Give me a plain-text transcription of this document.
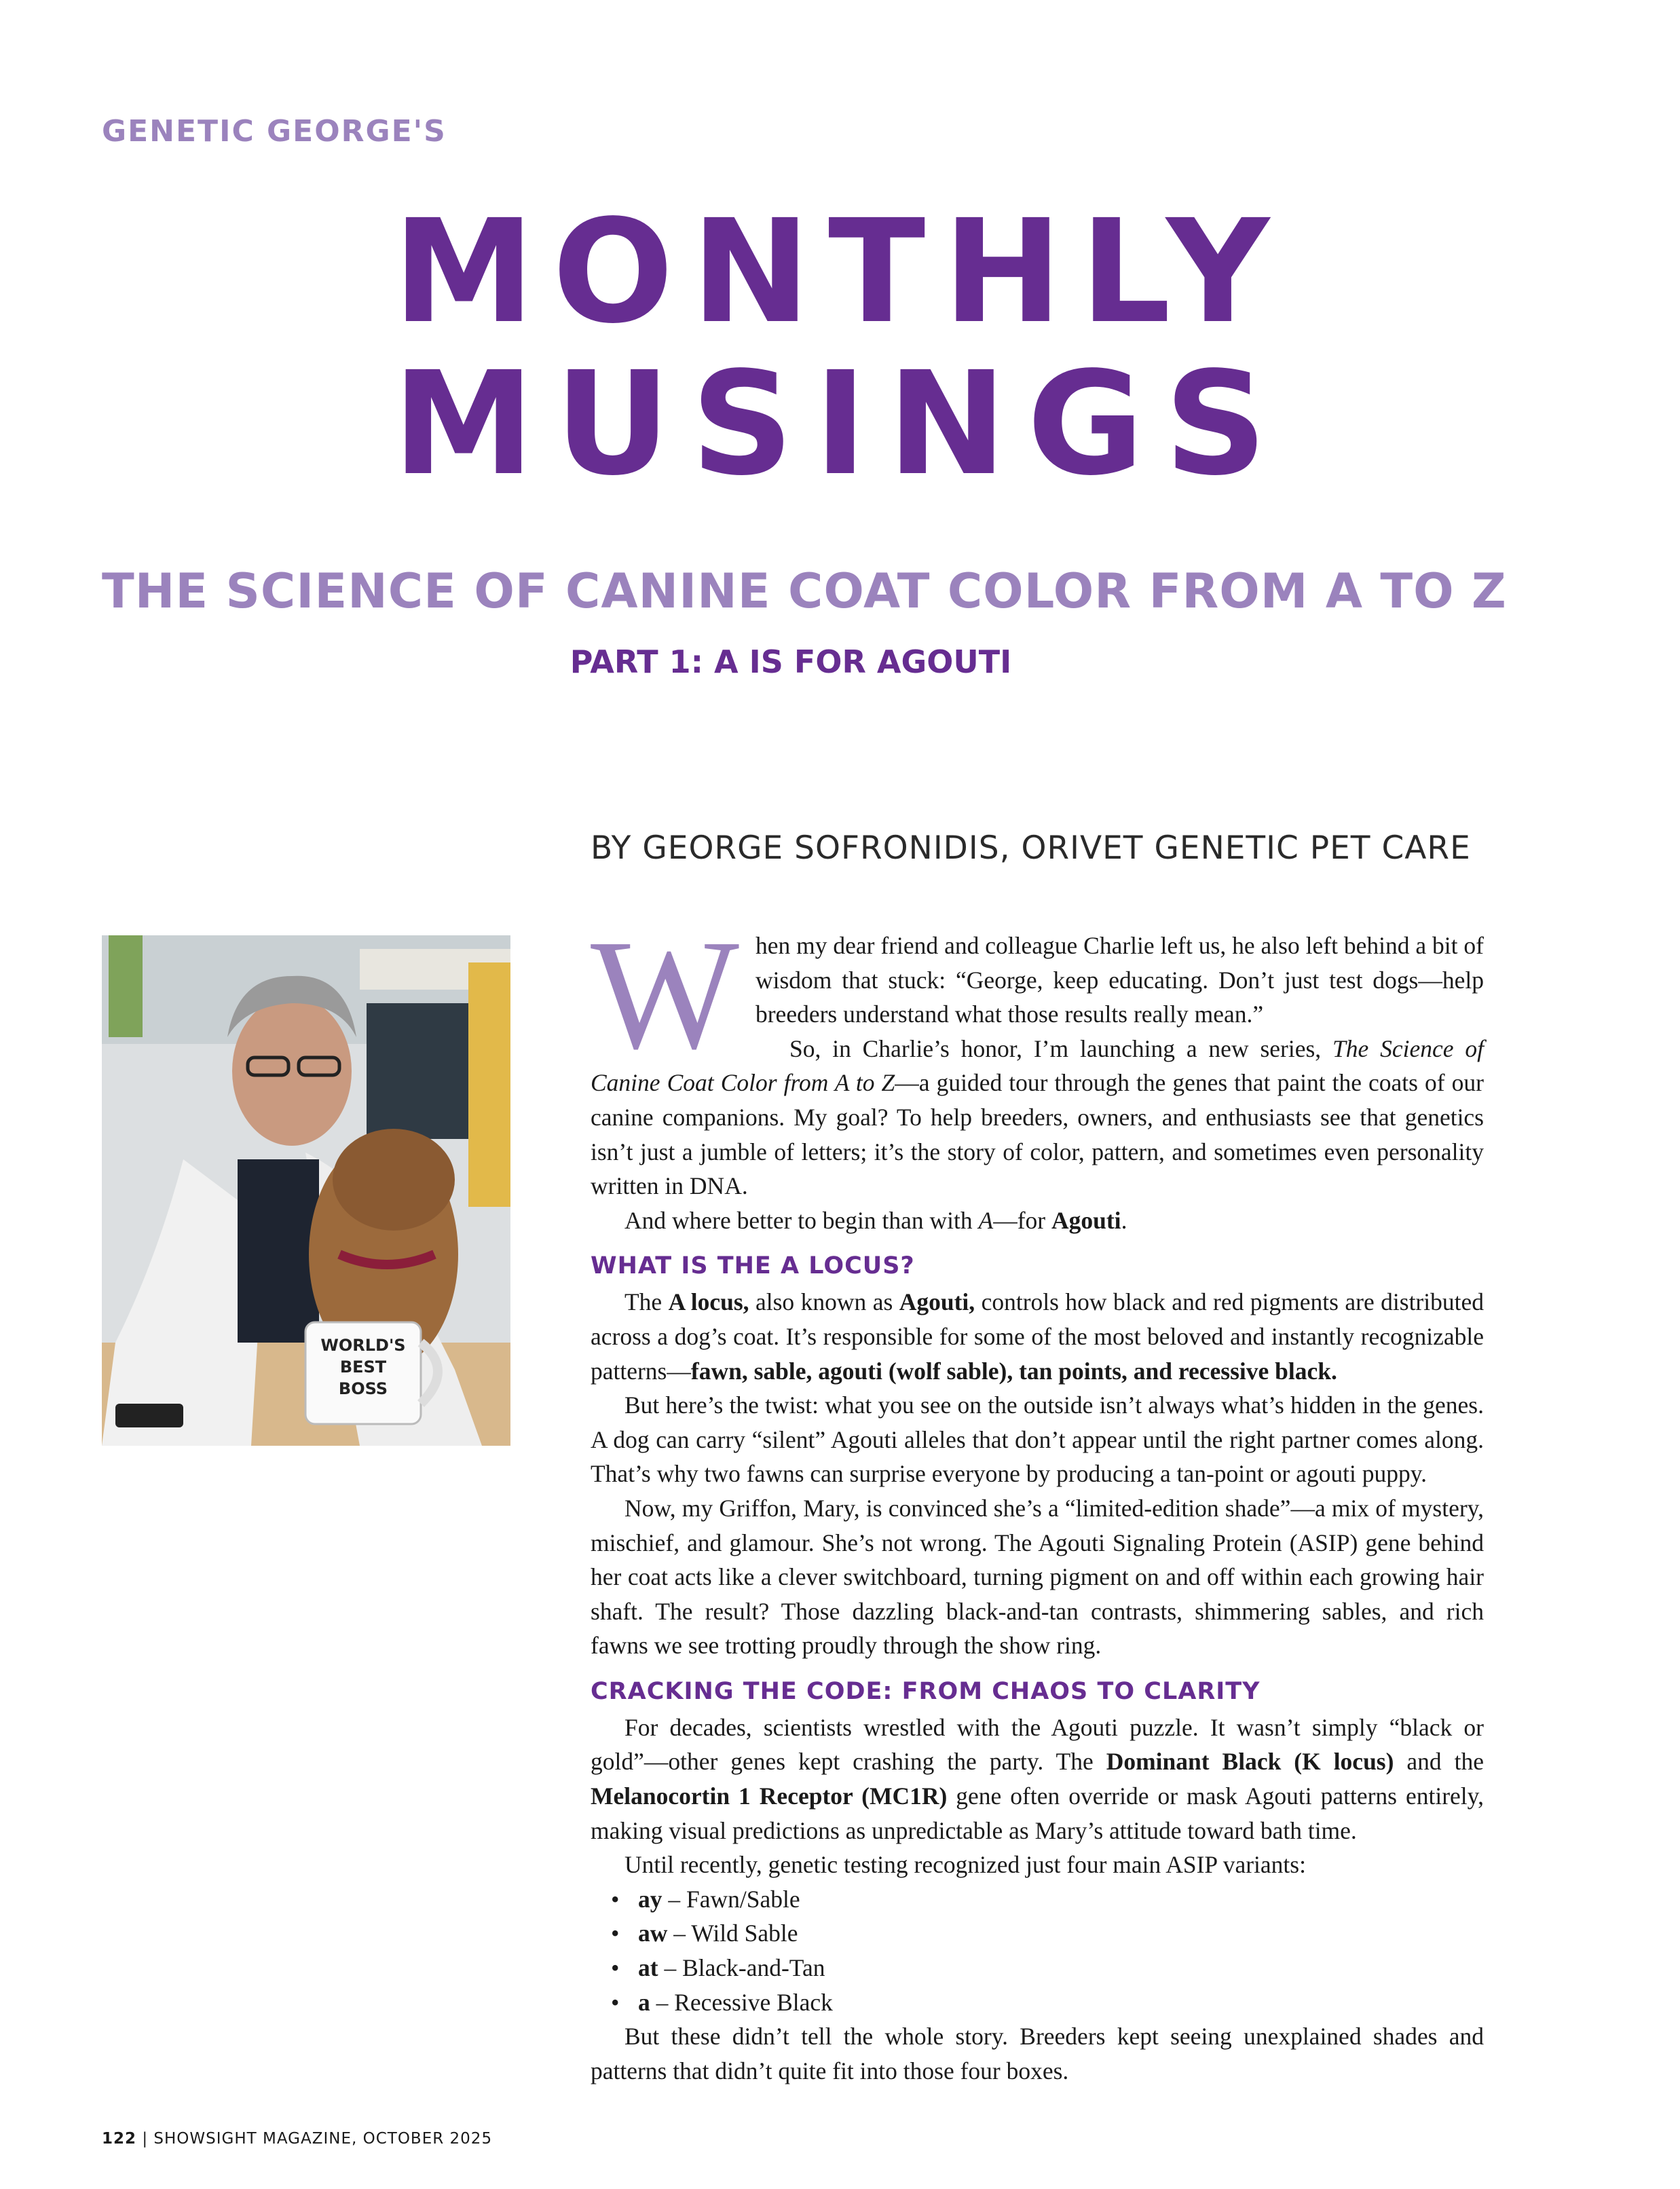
GENETIC GEORGE'S
MONTHLY
MUSINGS
THE SCIENCE OF CANINE COAT COLOR FROM A TO Z
PART 1: A IS FOR AGOUTI
BY GEORGE SOFRONIDIS, ORIVET GENETIC PET CARE
WORLD'S
BEST
BOSS

When my dear friend and colleague Charlie left us, he also left behind a bit of wisdom that stuck: “George, keep educating. Don’t just test dogs—help breeders understand what those results really mean.”

So, in Charlie’s honor, I’m launching a new series, The Science of Canine Coat Color from A to Z—a guided tour through the genes that paint the coats of our canine companions. My goal? To help breeders, owners, and enthusiasts see that genetics isn’t just a jumble of letters; it’s the story of color, pattern, and sometimes even personality written in DNA.

And where better to begin than with A—for Agouti.

WHAT IS THE A LOCUS?

The A locus, also known as Agouti, controls how black and red pigments are distributed across a dog’s coat. It’s responsible for some of the most beloved and instantly recognizable patterns—fawn, sable, agouti (wolf sable), tan points, and recessive black.

But here’s the twist: what you see on the outside isn’t always what’s hidden in the genes. A dog can carry “silent” Agouti alleles that don’t appear until the right partner comes along. That’s why two fawns can surprise everyone by producing a tan-point or agouti puppy.

Now, my Griffon, Mary, is convinced she’s a “limited-edition shade”—a mix of mystery, mischief, and glamour. She’s not wrong. The Agouti Signaling Protein (ASIP) gene behind her coat acts like a clever switchboard, turning pigment on and off within each growing hair shaft. The result? Those dazzling black-and-tan contrasts, shimmering sables, and rich fawns we see trotting proudly through the show ring.

CRACKING THE CODE: FROM CHAOS TO CLARITY

For decades, scientists wrestled with the Agouti puzzle. It wasn’t simply “black or gold”—other genes kept crashing the party. The Dominant Black (K locus) and the Melanocortin 1 Receptor (MC1R) gene often override or mask Agouti patterns entirely, making visual predictions as unpredictable as Mary’s attitude toward bath time.

Until recently, genetic testing recognized just four main ASIP variants:

• ay – Fawn/Sable
• aw – Wild Sable
• at – Black-and-Tan
• a – Recessive Black

But these didn’t tell the whole story. Breeders kept seeing unexplained shades and patterns that didn’t quite fit into those four boxes.

122 | SHOWSIGHT MAGAZINE, OCTOBER 2025
